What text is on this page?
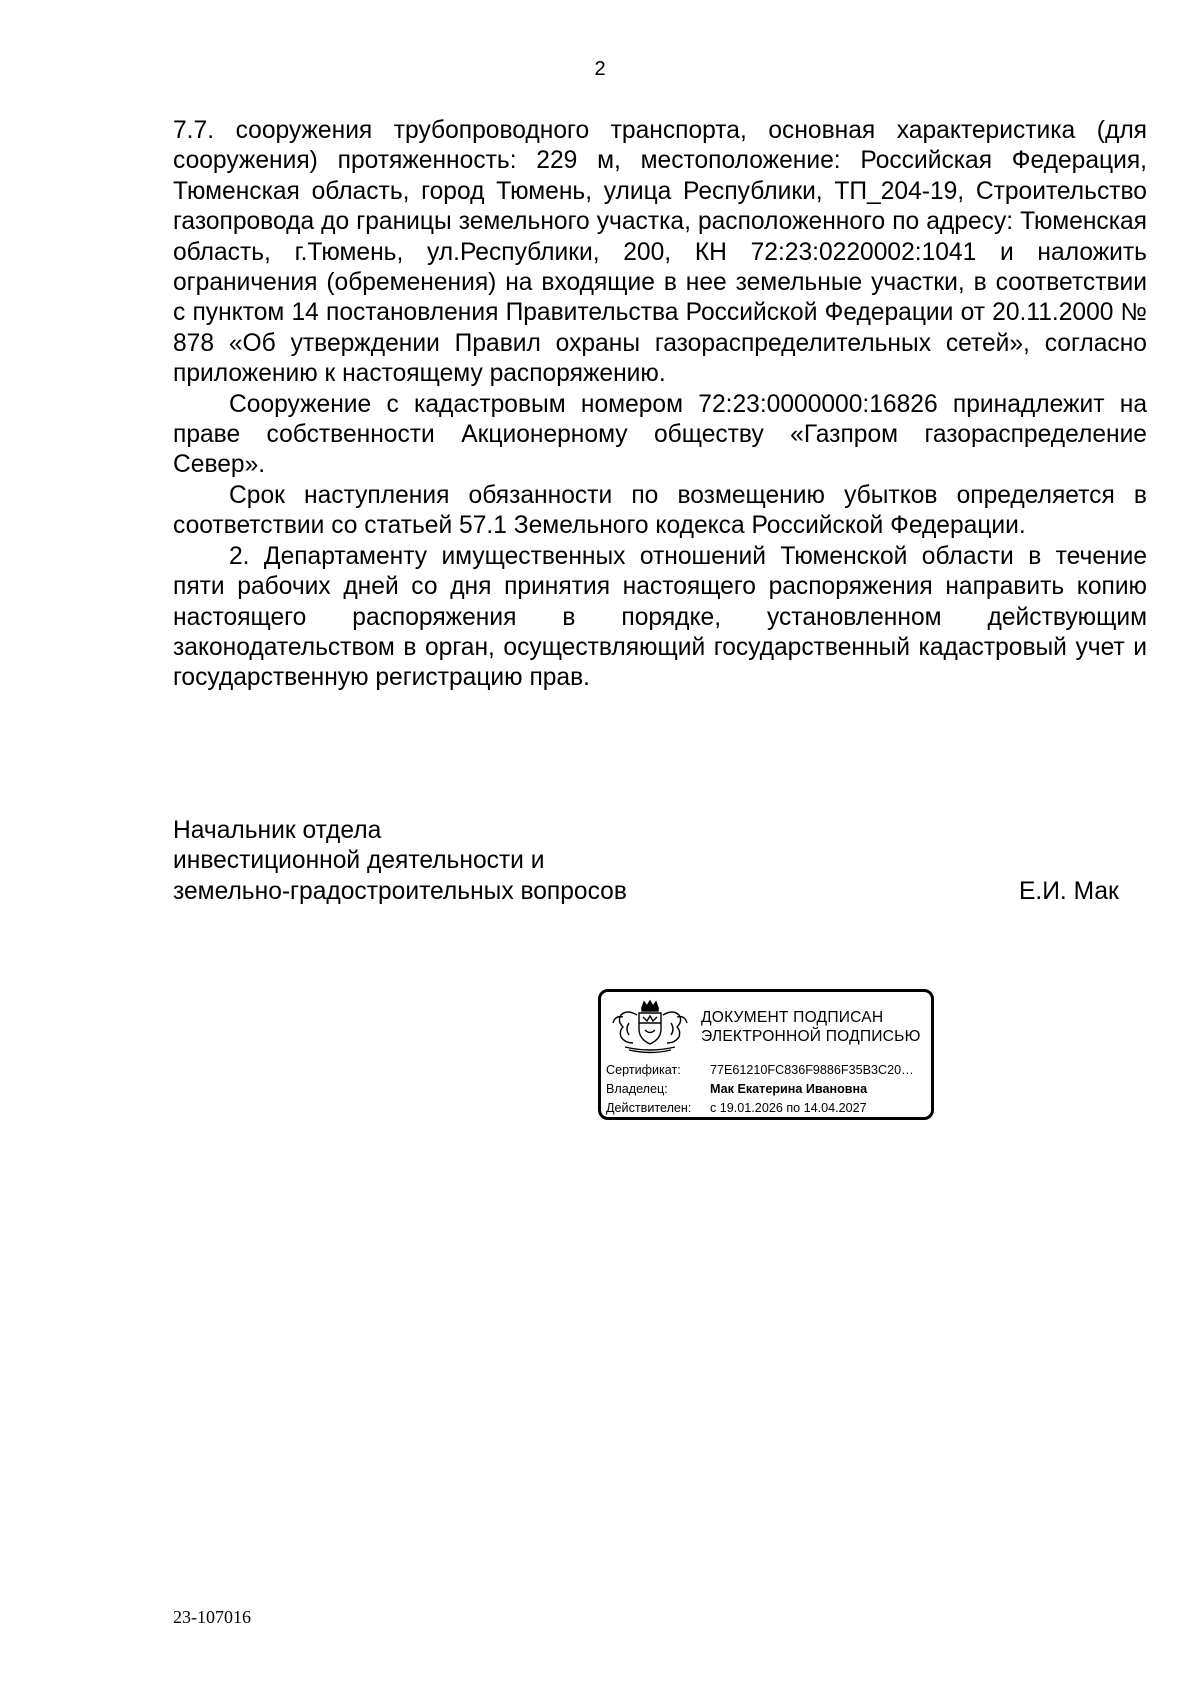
2

7.7. сооружения трубопроводного транспорта, основная характеристика (для сооружения) протяженность: 229 м, местоположение: Российская Федерация, Тюменская область, город Тюмень, улица Республики, ТП_204-19, Строительство газопровода до границы земельного участка, расположенного по адресу: Тюменская область, г.Тюмень, ул.Республики, 200, КН 72:23:0220002:1041 и наложить ограничения (обременения) на входящие в нее земельные участки, в соответствии с пунктом 14 постановления Правительства Российской Федерации от 20.11.2000 № 878 «Об утверждении Правил охраны газораспределительных сетей», согласно приложению к настоящему распоряжению.

Сооружение с кадастровым номером 72:23:0000000:16826 принадлежит на праве собственности Акционерному обществу «Газпром газораспределение Север».

Срок наступления обязанности по возмещению убытков определяется в соответствии со статьей 57.1 Земельного кодекса Российской Федерации.

2. Департаменту имущественных отношений Тюменской области в течение пяти рабочих дней со дня принятия настоящего распоряжения направить копию настоящего распоряжения в порядке, установленном действующим законодательством в орган, осуществляющий государственный кадастровый учет и государственную регистрацию прав.

Начальник отдела
инвестиционной деятельности и
земельно-градостроительных вопросов	Е.И. Мак
ДОКУМЕНТ ПОДПИСАН
ЭЛЕКТРОННОЙ ПОДПИСЬЮ
Сертификат: 77E61210FC836F9886F35B3C20…
Владелец:	Мак Екатерина Ивановна
Действителен: с 19.01.2026 по 14.04.2027
23-107016
